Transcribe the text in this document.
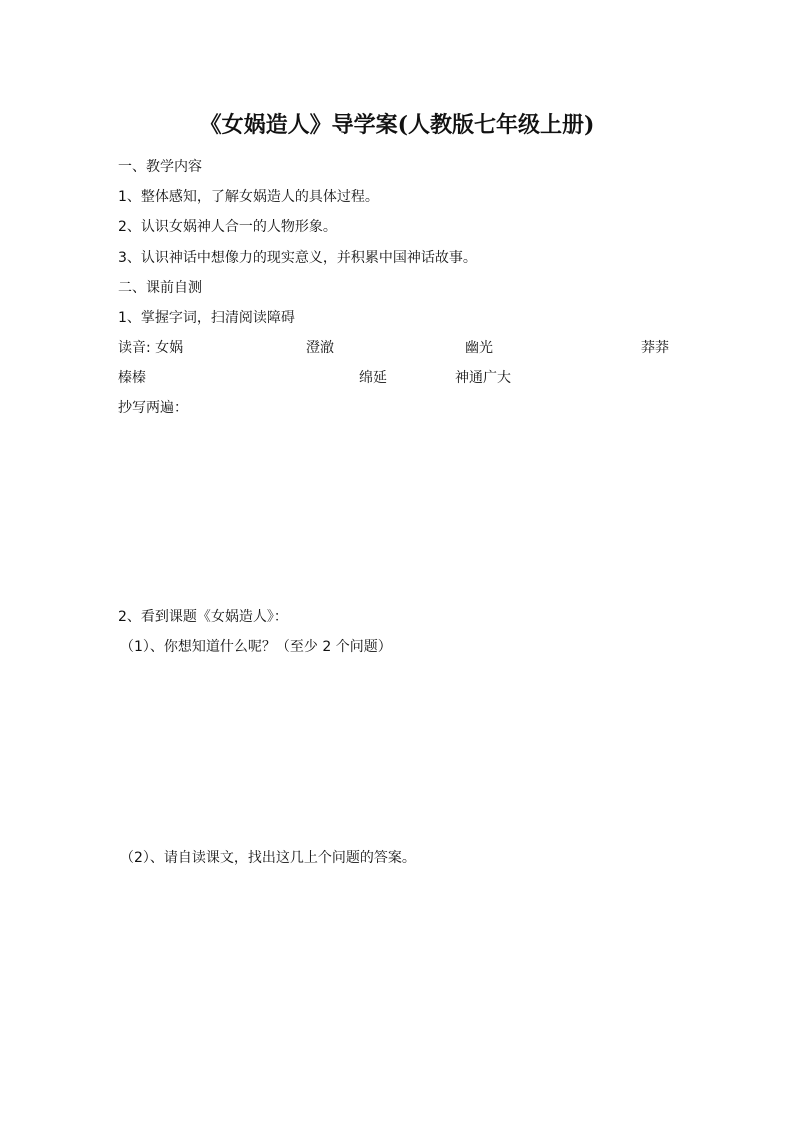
《女娲造人》导学案(人教版七年级上册)
一、教学内容
1、整体感知，了解女娲造人的具体过程。
2、认识女娲神人合一的人物形象。
3、认识神话中想像力的现实意义，并积累中国神话故事。
二、课前自测
1、掌握字词，扫清阅读障碍
读音: 女娲	澄澈	幽光	莽莽
榛榛	绵延	神通广大
抄写两遍：
2、看到课题《女娲造人》：
（1）、你想知道什么呢？（至少 2 个问题）
（2）、请自读课文，找出这几上个问题的答案。
